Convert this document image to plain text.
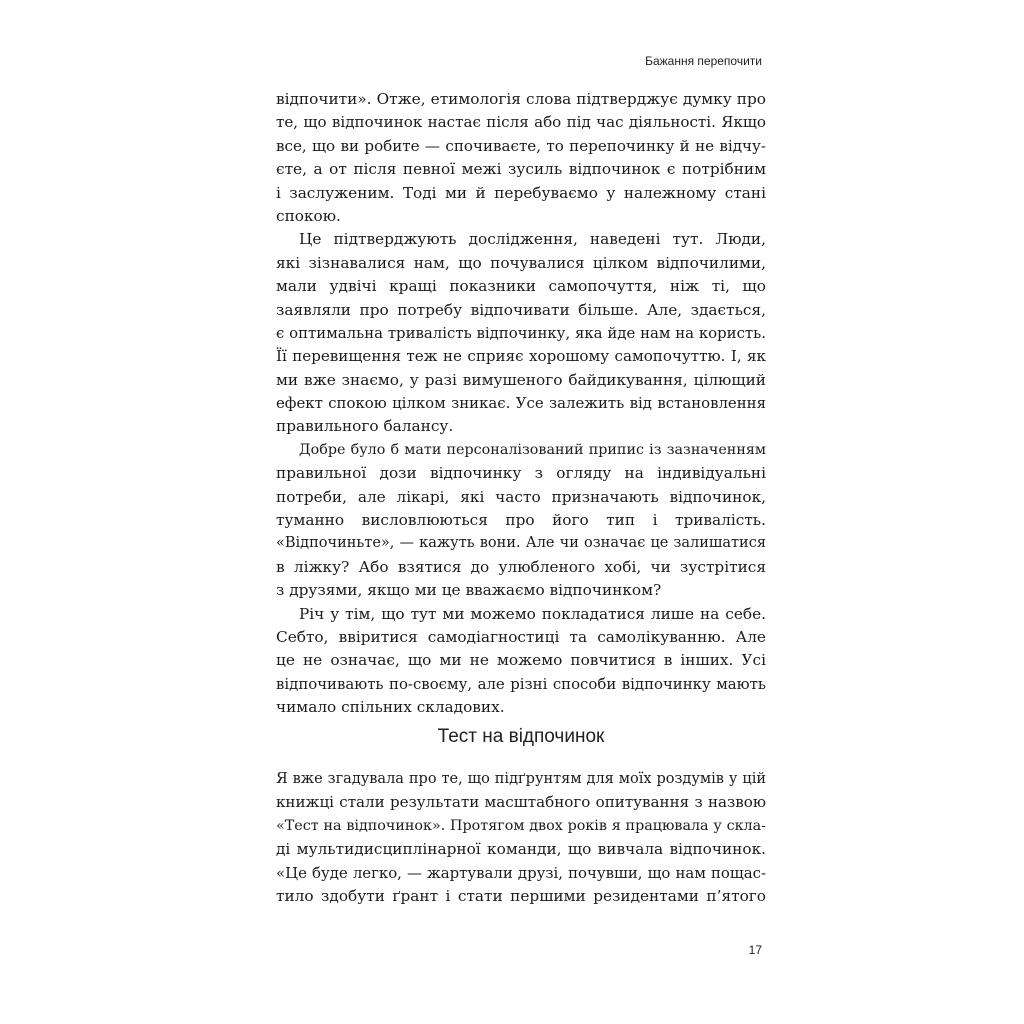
Бажання перепочити
відпочити». Отже, етимологія слова підтверджує думку про
те, що відпочинок настає після або під час діяльності. Якщо
все, що ви робите — спочиваєте, то перепочинку й не відчу-
єте, а от після певної межі зусиль відпочинок є потрібним
і заслуженим. Тоді ми й перебуваємо у належному стані
спокою.
Це підтверджують дослідження, наведені тут. Люди,
які зізнавалися нам, що почувалися цілком відпочилими,
мали удвічі кращі показники самопочуття, ніж ті, що
заявляли про потребу відпочивати більше. Але, здається,
є оптимальна тривалість відпочинку, яка йде нам на користь.
Її перевищення теж не сприяє хорошому самопочуттю. І, як
ми вже знаємо, у разі вимушеного байдикування, цілющий
ефект спокою цілком зникає. Усе залежить від встановлення
правильного балансу.
Добре було б мати персоналізований припис із зазначенням
правильної дози відпочинку з огляду на індивідуальні
потреби, але лікарі, які часто призначають відпочинок,
туманно висловлюються про його тип і тривалість.
«Відпочиньте», — кажуть вони. Але чи означає це залишатися
в ліжку? Або взятися до улюбленого хобі, чи зустрітися
з друзями, якщо ми це вважаємо відпочинком?
Річ у тім, що тут ми можемо покладатися лише на себе.
Себто, ввіритися самодіагностиці та самолікуванню. Але
це не означає, що ми не можемо повчитися в інших. Усі
відпочивають по-своєму, але різні способи відпочинку мають
чимало спільних складових.
Тест на відпочинок
Я вже згадувала про те, що підґрунтям для моїх роздумів у цій
книжці стали результати масштабного опитування з назвою
«Тест на відпочинок». Протягом двох років я працювала у скла-
ді мультидисциплінарної команди, що вивчала відпочинок.
«Це буде легко, — жартували друзі, почувши, що нам пощас-
тило здобути ґрант і стати першими резидентами п’ятого
17
